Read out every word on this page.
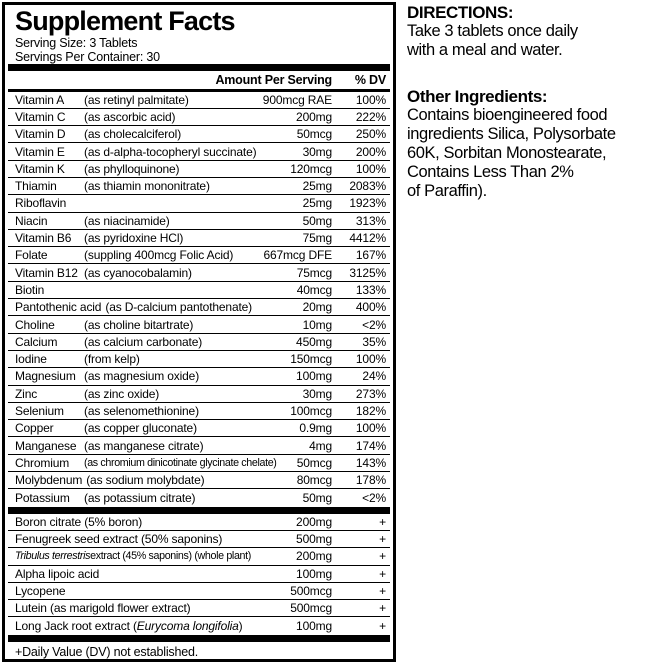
Supplement Facts
Serving Size: 3 Tablets
Servings Per Container: 30
Amount Per Serving	% DV
Vitamin A	(as retinyl palmitate)	900mcg RAE	100%
Vitamin C	(as ascorbic acid)	200mg	222%
Vitamin D	(as cholecalciferol)	50mcg	250%
Vitamin E	(as d-alpha-tocopheryl succinate)	30mg	200%
Vitamin K	(as phylloquinone)	120mcg	100%
Thiamin	(as thiamin mononitrate)	25mg	2083%
Riboflavin	25mg	1923%
Niacin	(as niacinamide)	50mg	313%
Vitamin B6	(as pyridoxine HCl)	75mg	4412%
Folate	(suppling 400mcg Folic Acid)	667mcg DFE	167%
Vitamin B12 (as cyanocobalamin)	75mcg	3125%
Biotin	40mcg	133%
Pantothenic acid (as D-calcium pantothenate)	20mg	400%
Choline	(as choline bitartrate)	10mg	<2%
Calcium	(as calcium carbonate)	450mg	35%
Iodine	(from kelp)	150mcg	100%
Magnesium (as magnesium oxide)	100mg	24%
Zinc	(as zinc oxide)	30mg	273%
Selenium	(as selenomethionine)	100mcg	182%
Copper	(as copper gluconate)	0.9mg	100%
Manganese (as manganese citrate)	4mg	174%
Chromium	(as chromium dinicotinate glycinate chelate) 50mcg	143%
Molybdenum (as sodium molybdate)	80mcg	178%
Potassium	(as potassium citrate)	50mg	<2%
Boron citrate (5% boron)	200mg	+
Fenugreek seed extract (50% saponins)	500mg	+
Tribulus terrestris extract (45% saponins) (whole plant)	200mg	+
Alpha lipoic acid	100mg	+
Lycopene	500mcg	+
Lutein (as marigold flower extract)	500mcg	+
Long Jack root extract ( Eurycoma longifolia )	100mg	+
+Daily Value (DV) not established.
DIRECTIONS:
Take 3 tablets once daily
with a meal and water.
Other Ingredients:
Contains bioengineered food
ingredients Silica, Polysorbate
60K, Sorbitan Monostearate,
Contains Less Than 2%
of Paraffin).
